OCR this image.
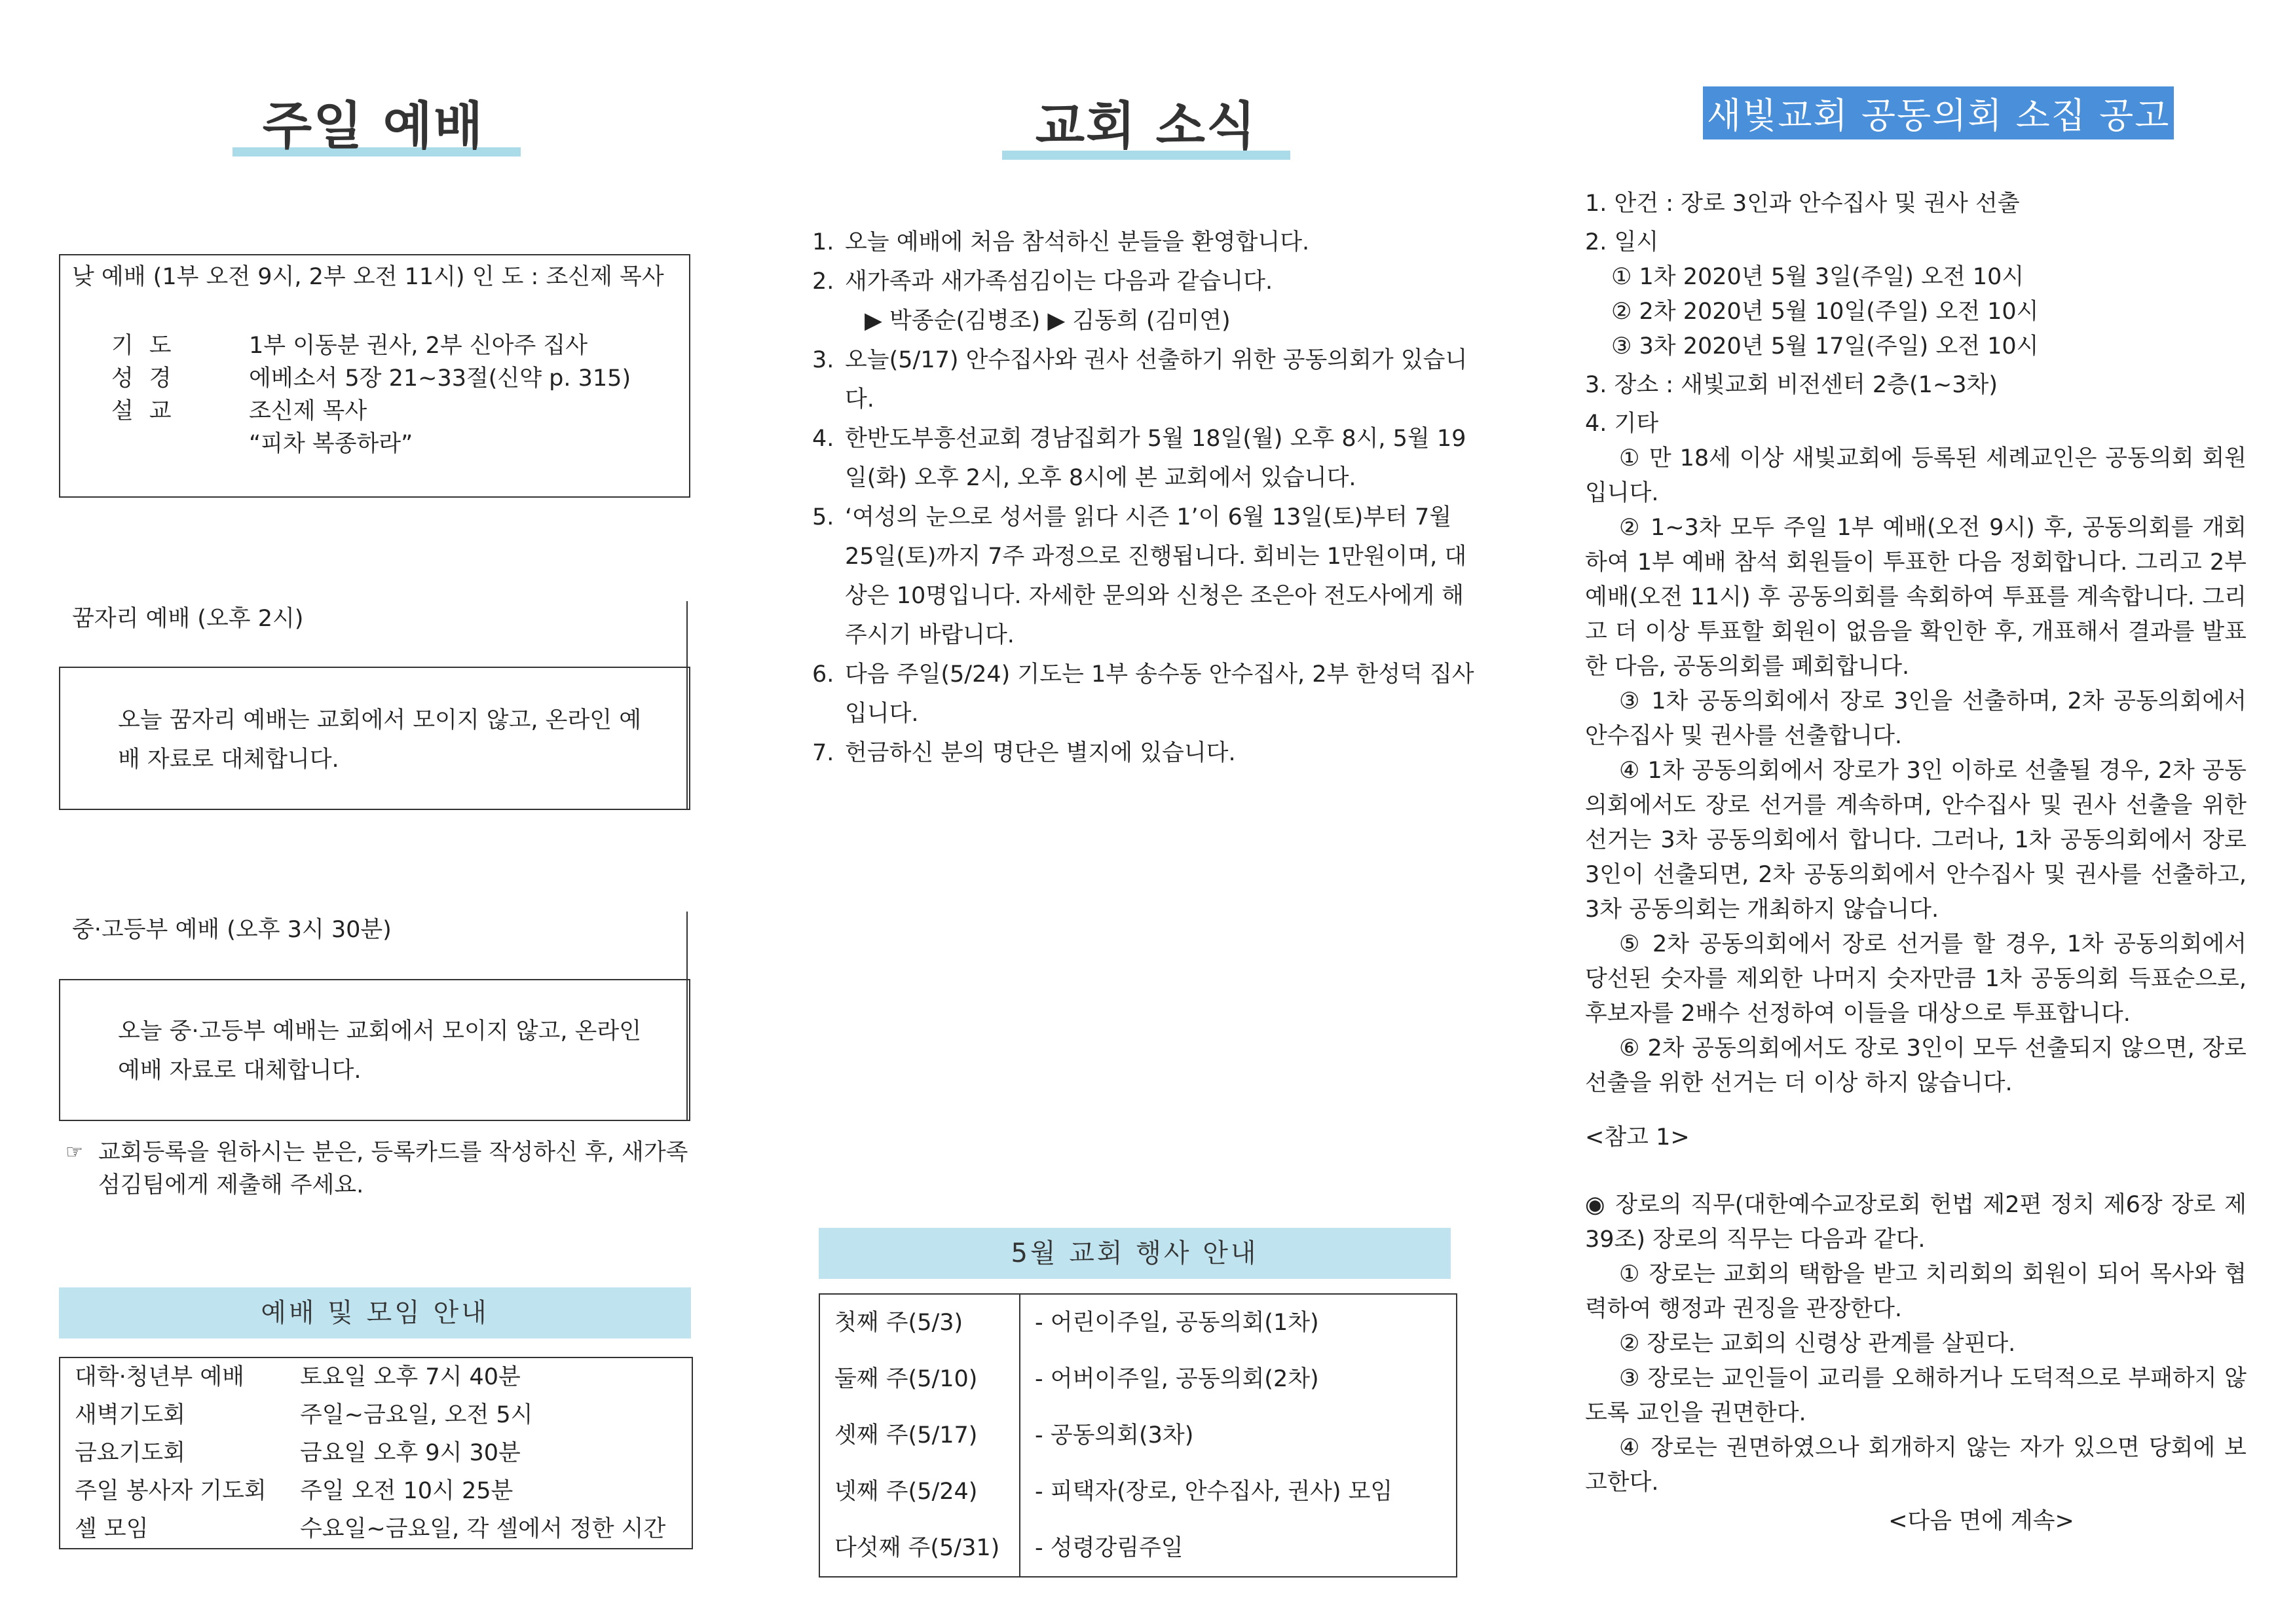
주일 예배
낮 예배 (1부 오전 9시, 2부 오전 11시) 인 도 : 조신제 목사
기도	1부 이동분 권사, 2부 신아주 집사
성경	에베소서 5장 21~33절(신약 p. 315)
설교	조신제 목사
“피차 복종하라”
꿈자리 예배 (오후 2시)
오늘 꿈자리 예배는 교회에서 모이지 않고, 온라인 예배 자료로 대체합니다.
중·고등부 예배 (오후 3시 30분)
오늘 중·고등부 예배는 교회에서 모이지 않고, 온라인 예배 자료로 대체합니다.
☞ 교회등록을 원하시는 분은, 등록카드를 작성하신 후, 새가족 섬김팀에게 제출해 주세요.
예배 및 모임 안내
대학·청년부 예배	토요일 오후 7시 40분
새벽기도회	주일~금요일, 오전 5시
금요기도회	금요일 오후 9시 30분
주일 봉사자 기도회	주일 오전 10시 25분
셀 모임	수요일~금요일, 각 셀에서 정한 시간
교회 소식
1. 오늘 예배에 처음 참석하신 분들을 환영합니다.
2. 새가족과 새가족섬김이는 다음과 같습니다.
▶ 박종순(김병조) ▶ 김동희 (김미연)
3. 오늘(5/17) 안수집사와 권사 선출하기 위한 공동의회가 있습니다.
4. 한반도부흥선교회 경남집회가 5월 18일(월) 오후 8시, 5월 19일(화) 오후 2시, 오후 8시에 본 교회에서 있습니다.
5. ‘여성의 눈으로 성서를 읽다 시즌 1’이 6월 13일(토)부터 7월 25일(토)까지 7주 과정으로 진행됩니다. 회비는 1만원이며, 대상은 10명입니다. 자세한 문의와 신청은 조은아 전도사에게 해 주시기 바랍니다.
6. 다음 주일(5/24) 기도는 1부 송수동 안수집사, 2부 한성덕 집사입니다.
7. 헌금하신 분의 명단은 별지에 있습니다.
5월 교회 행사 안내
첫째 주(5/3)	- 어린이주일, 공동의회(1차)
둘째 주(5/10)	- 어버이주일, 공동의회(2차)
셋째 주(5/17)	- 공동의회(3차)
넷째 주(5/24)	- 피택자(장로, 안수집사, 권사) 모임
다섯째 주(5/31)	- 성령강림주일
새빛교회 공동의회 소집 공고

1. 안건 : 장로 3인과 안수집사 및 권사 선출

2. 일시

① 1차 2020년 5월 3일(주일) 오전 10시

② 2차 2020년 5월 10일(주일) 오전 10시

③ 3차 2020년 5월 17일(주일) 오전 10시

3. 장소 : 새빛교회 비전센터 2층(1~3차)

4. 기타

① 만 18세 이상 새빛교회에 등록된 세례교인은 공동의회 회원입니다.

② 1~3차 모두 주일 1부 예배(오전 9시) 후, 공동의회를 개회하여 1부 예배 참석 회원들이 투표한 다음 정회합니다. 그리고 2부 예배(오전 11시) 후 공동의회를 속회하여 투표를 계속합니다. 그리고 더 이상 투표할 회원이 없음을 확인한 후, 개표해서 결과를 발표한 다음, 공동의회를 폐회합니다.

③ 1차 공동의회에서 장로 3인을 선출하며, 2차 공동의회에서 안수집사 및 권사를 선출합니다.

④ 1차 공동의회에서 장로가 3인 이하로 선출될 경우, 2차 공동의회에서도 장로 선거를 계속하며, 안수집사 및 권사 선출을 위한 선거는 3차 공동의회에서 합니다. 그러나, 1차 공동의회에서 장로 3인이 선출되면, 2차 공동의회에서 안수집사 및 권사를 선출하고, 3차 공동의회는 개최하지 않습니다.

⑤ 2차 공동의회에서 장로 선거를 할 경우, 1차 공동의회에서 당선된 숫자를 제외한 나머지 숫자만큼 1차 공동의회 득표순으로, 후보자를 2배수 선정하여 이들을 대상으로 투표합니다.

⑥ 2차 공동의회에서도 장로 3인이 모두 선출되지 않으면, 장로 선출을 위한 선거는 더 이상 하지 않습니다.

<참고 1>

◉ 장로의 직무(대한예수교장로회 헌법 제2편 정치 제6장 장로 제39조) 장로의 직무는 다음과 같다.

① 장로는 교회의 택함을 받고 치리회의 회원이 되어 목사와 협력하여 행정과 권징을 관장한다.

② 장로는 교회의 신령상 관계를 살핀다.

③ 장로는 교인들이 교리를 오해하거나 도덕적으로 부패하지 않도록 교인을 권면한다.

④ 장로는 권면하였으나 회개하지 않는 자가 있으면 당회에 보고한다.

<다음 면에 계속>
